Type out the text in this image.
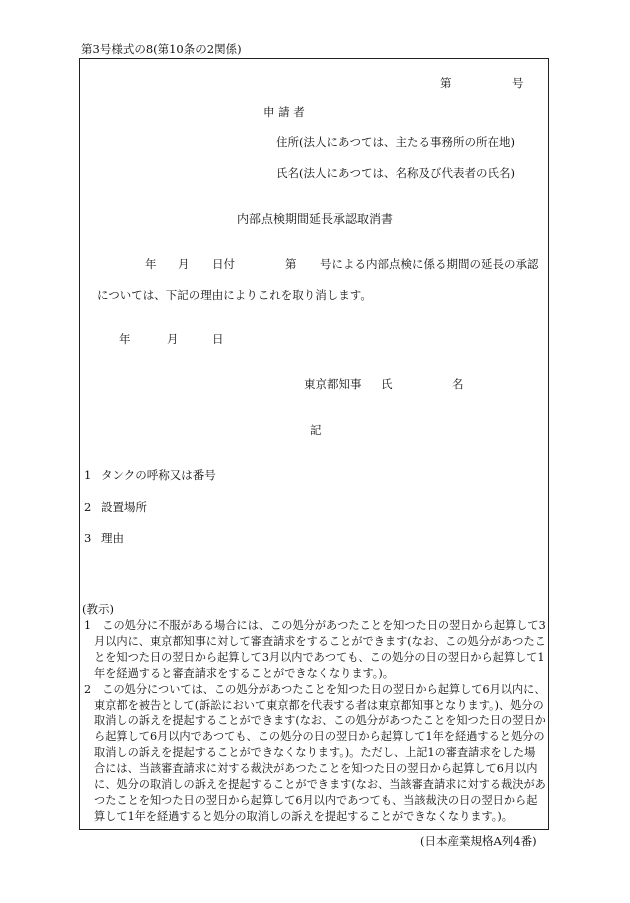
第3号様式の8(第10条の2関係)
第	号
申 請 者
住所(法人にあつては、主たる事務所の所在地)
氏名(法人にあつては、名称及び代表者の氏名)
内部点検期間延長承認取消書
年 月 日付	第 号による内部点検に係る期間の延長の承認
については、下記の理由によりこれを取り消します。
年	月	日
東京都知事 氏	名
記
1 タンクの呼称又は番号
2 設置場所
3 理由
(教示)

1　この処分に不服がある場合には、この処分があつたことを知つた日の翌日から起算して3月以内に、東京都知事に対して審査請求をすることができます(なお、この処分があつたことを知つた日の翌日から起算して3月以内であつても、この処分の日の翌日から起算して1年を経過すると審査請求をすることができなくなります。)。

2　この処分については、この処分があつたことを知つた日の翌日から起算して6月以内に、東京都を被告として(訴訟において東京都を代表する者は東京都知事となります。)、処分の取消しの訴えを提起することができます(なお、この処分があつたことを知つた日の翌日から起算して6月以内であつても、この処分の日の翌日から起算して1年を経過すると処分の取消しの訴えを提起することができなくなります。)。ただし、上記1の審査請求をした場合には、当該審査請求に対する裁決があつたことを知つた日の翌日から起算して6月以内に、処分の取消しの訴えを提起することができます(なお、当該審査請求に対する裁決があつたことを知つた日の翌日から起算して6月以内であつても、当該裁決の日の翌日から起算して1年を経過すると処分の取消しの訴えを提起することができなくなります。)。

(日本産業規格A列4番)
